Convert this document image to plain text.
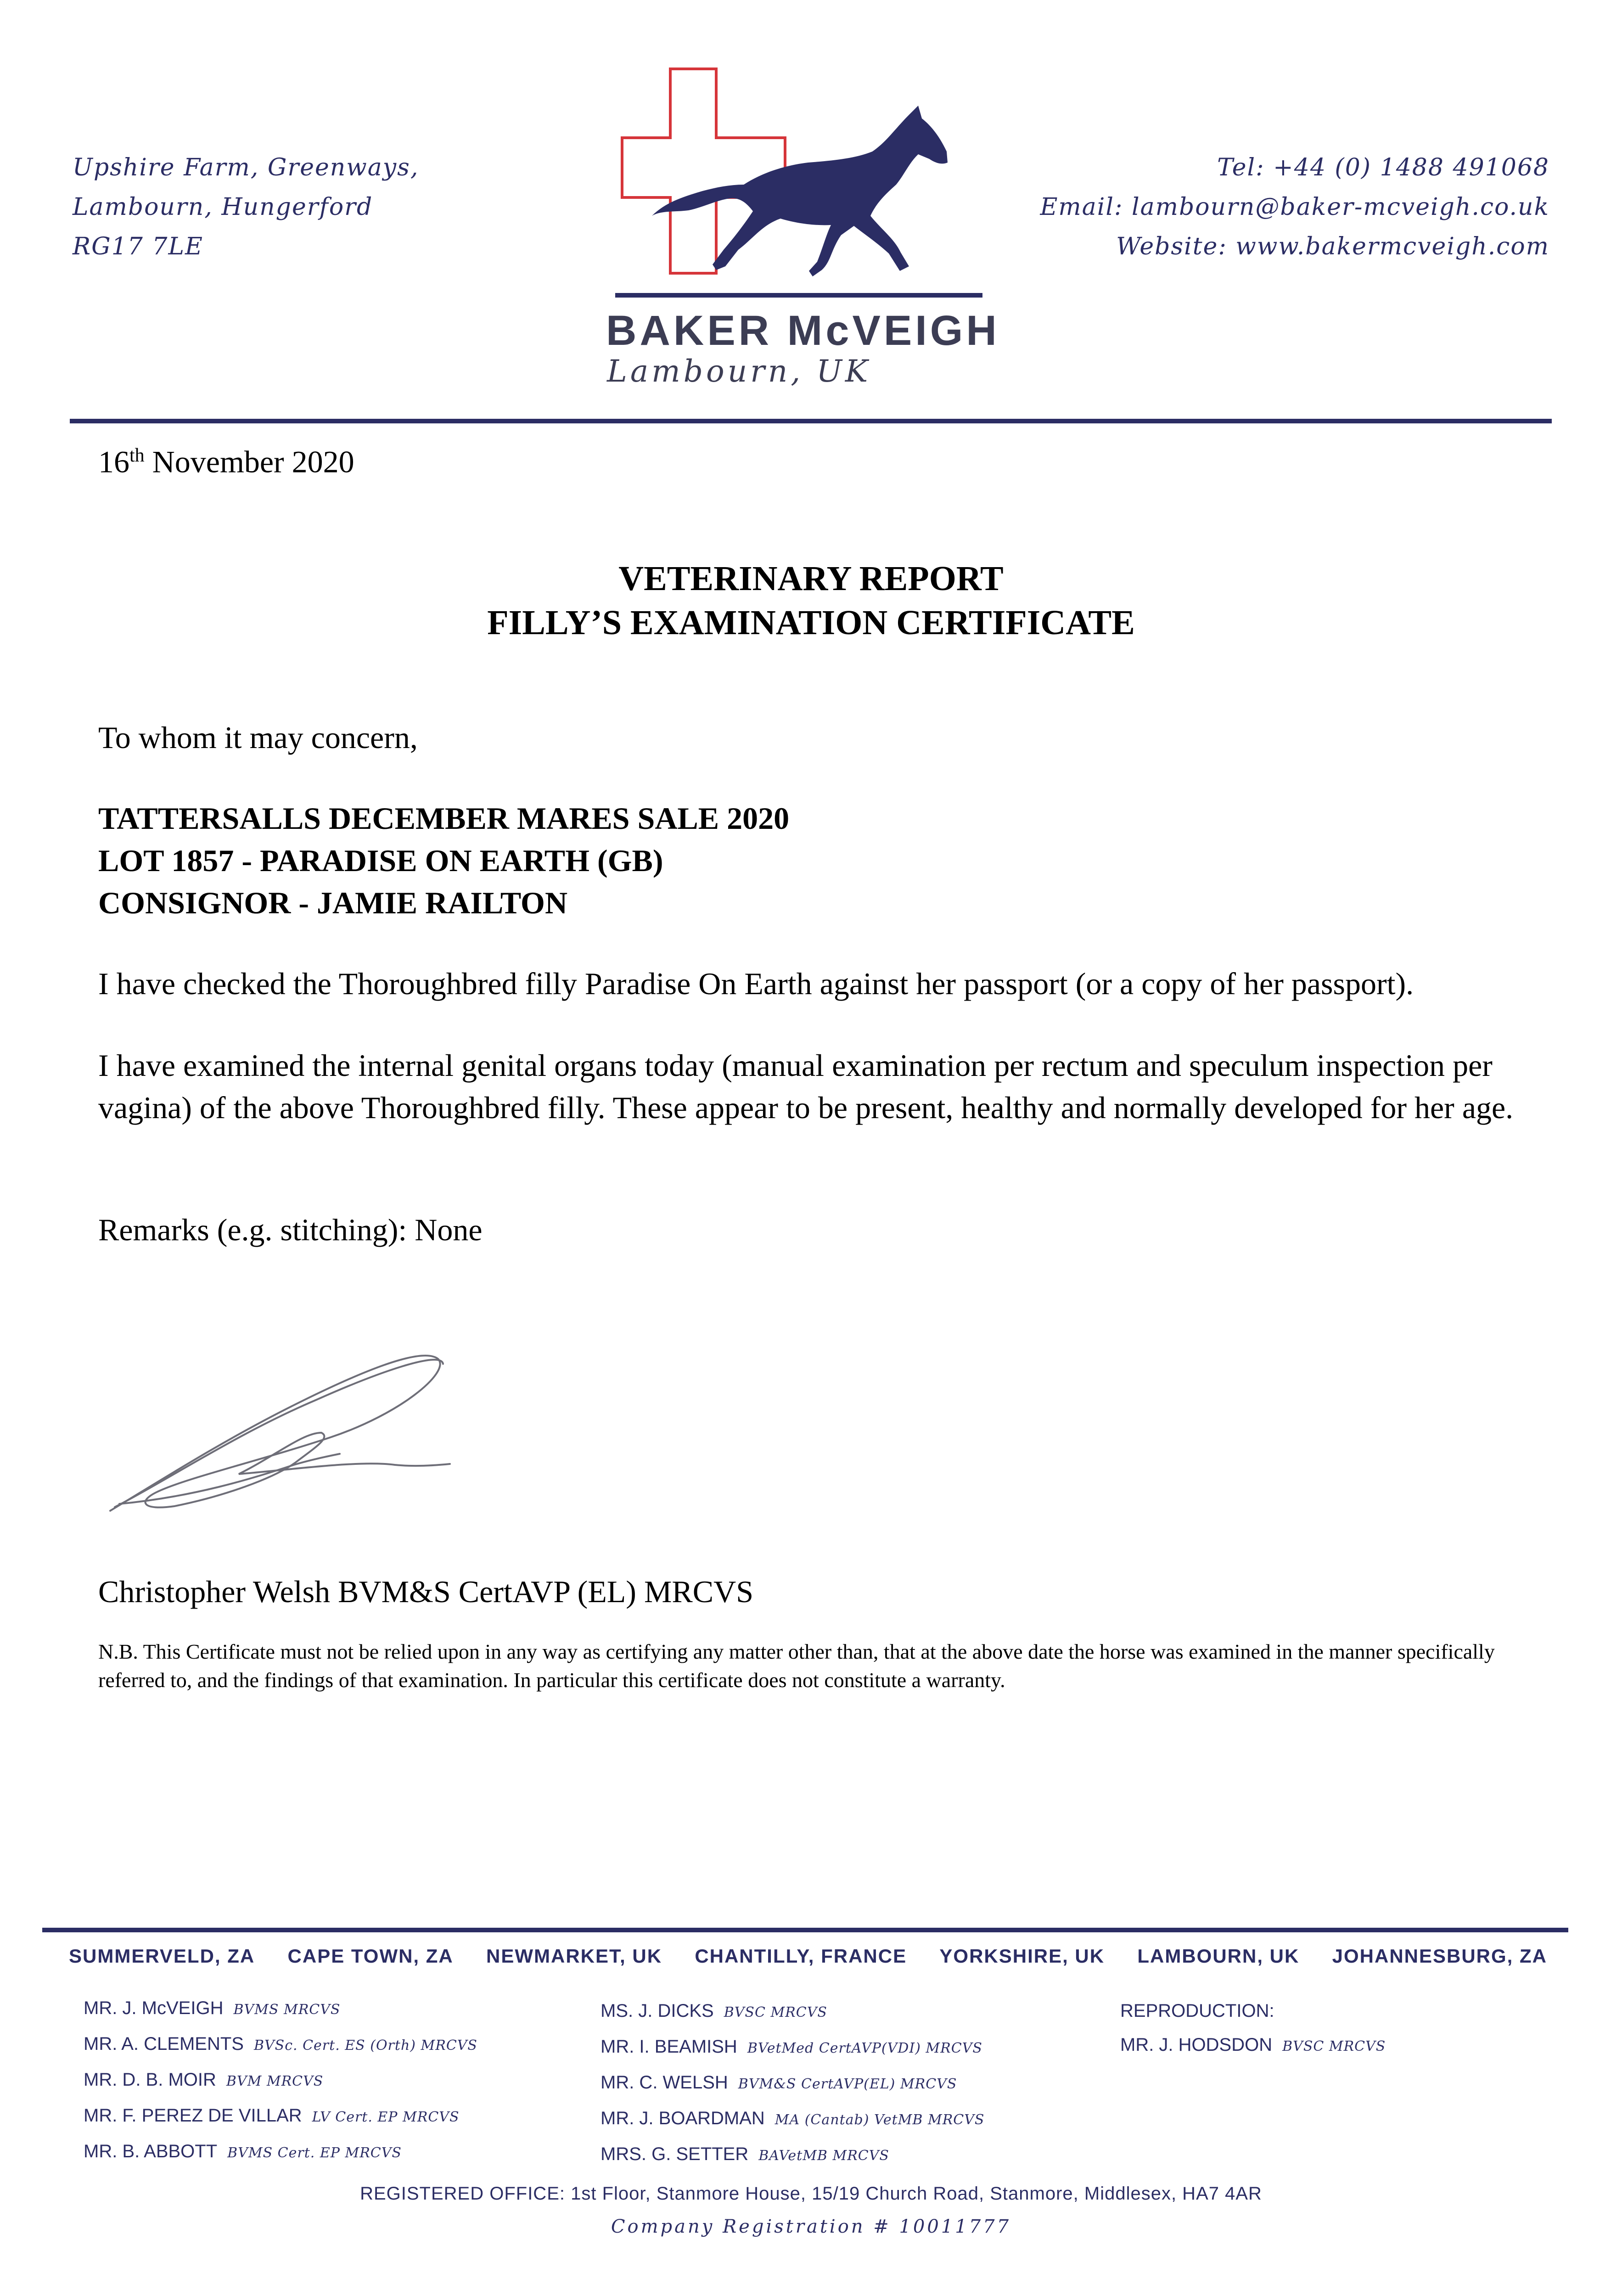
Upshire Farm, Greenways,
Lambourn, Hungerford
RG17 7LE
Tel: +44 (0) 1488 491068
Email: lambourn@baker-mcveigh.co.uk
Website: www.bakermcveigh.com
BAKER McVEIGH
Lambourn, UK
16th November 2020
VETERINARY REPORT
FILLY’S EXAMINATION CERTIFICATE
To whom it may concern,
TATTERSALLS DECEMBER MARES SALE 2020
LOT 1857 - PARADISE ON EARTH (GB)
CONSIGNOR - JAMIE RAILTON
I have checked the Thoroughbred filly Paradise On Earth against her passport (or a copy of her passport).
I have examined the internal genital organs today (manual examination per rectum and speculum inspection per vagina) of the above Thoroughbred filly. These appear to be present, healthy and normally developed for her age.
Remarks (e.g. stitching): None
Christopher Welsh BVM&S CertAVP (EL) MRCVS
N.B. This Certificate must not be relied upon in any way as certifying any matter other than, that at the above date the horse was examined in the manner specifically referred to, and the findings of that examination. In particular this certificate does not constitute a warranty.
SUMMERVELD, ZA CAPE TOWN, ZA NEWMARKET, UK CHANTILLY, FRANCE YORKSHIRE, UK LAMBOURN, UK JOHANNESBURG, ZA
MR. J. McVEIGH BVMS MRCVS
MR. A. CLEMENTS BVSc. Cert. ES (Orth) MRCVS
MR. D. B. MOIR BVM MRCVS
MR. F. PEREZ DE VILLAR LV Cert. EP MRCVS
MR. B. ABBOTT BVMS Cert. EP MRCVS
MS. J. DICKS BVSC MRCVS
MR. I. BEAMISH BVetMed CertAVP(VDI) MRCVS
MR. C. WELSH BVM&S CertAVP(EL) MRCVS
MR. J. BOARDMAN MA (Cantab) VetMB MRCVS
MRS. G. SETTER BAVetMB MRCVS
REPRODUCTION:
MR. J. HODSDON BVSC MRCVS
REGISTERED OFFICE: 1st Floor, Stanmore House, 15/19 Church Road, Stanmore, Middlesex, HA7 4AR
Company Registration # 10011777
